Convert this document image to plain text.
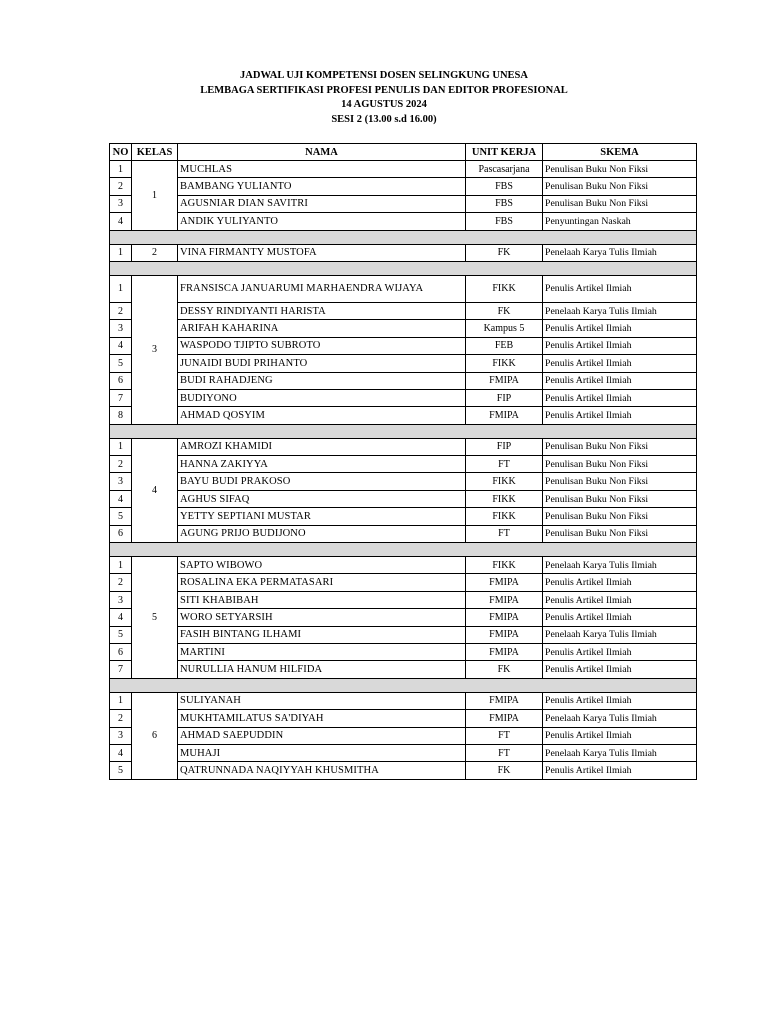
JADWAL UJI KOMPETENSI DOSEN SELINGKUNG UNESA
LEMBAGA SERTIFIKASI PROFESI PENULIS DAN EDITOR PROFESIONAL
14 AGUSTUS 2024
SESI 2 (13.00 s.d 16.00)
NO	KELAS	NAMA	UNIT KERJA	SKEMA
1	1	MUCHLAS	Pascasarjana	Penulisan Buku Non Fiksi
2		BAMBANG YULIANTO	FBS	Penulisan Buku Non Fiksi
3		AGUSNIAR DIAN SAVITRI	FBS	Penulisan Buku Non Fiksi
4		ANDIK YULIYANTO	FBS	Penyuntingan Naskah

1	2	VINA FIRMANTY MUSTOFA	FK	Penelaah Karya Tulis Ilmiah

1	3	FRANSISCA JANUARUMI MARHAENDRA WIJAYA	FIKK	Penulis Artikel Ilmiah
2		DESSY RINDIYANTI HARISTA	FK	Penelaah Karya Tulis Ilmiah
3		ARIFAH KAHARINA	Kampus 5	Penulis Artikel Ilmiah
4		WASPODO TJIPTO SUBROTO	FEB	Penulis Artikel Ilmiah
5		JUNAIDI BUDI PRIHANTO	FIKK	Penulis Artikel Ilmiah
6		BUDI RAHADJENG	FMIPA	Penulis Artikel Ilmiah
7		BUDIYONO	FIP	Penulis Artikel Ilmiah
8		AHMAD QOSYIM	FMIPA	Penulis Artikel Ilmiah

1	4	AMROZI KHAMIDI	FIP	Penulisan Buku Non Fiksi
2		HANNA ZAKIYYA	FT	Penulisan Buku Non Fiksi
3		BAYU BUDI PRAKOSO	FIKK	Penulisan Buku Non Fiksi
4		AGHUS SIFAQ	FIKK	Penulisan Buku Non Fiksi
5		YETTY SEPTIANI MUSTAR	FIKK	Penulisan Buku Non Fiksi
6		AGUNG PRIJO BUDIJONO	FT	Penulisan Buku Non Fiksi

1	5	SAPTO WIBOWO	FIKK	Penelaah Karya Tulis Ilmiah
2		ROSALINA EKA PERMATASARI	FMIPA	Penulis Artikel Ilmiah
3		SITI KHABIBAH	FMIPA	Penulis Artikel Ilmiah
4		WORO SETYARSIH	FMIPA	Penulis Artikel Ilmiah
5		FASIH BINTANG ILHAMI	FMIPA	Penelaah Karya Tulis Ilmiah
6		MARTINI	FMIPA	Penulis Artikel Ilmiah
7		NURULLIA HANUM HILFIDA	FK	Penulis Artikel Ilmiah

1	6	SULIYANAH	FMIPA	Penulis Artikel Ilmiah
2		MUKHTAMILATUS SA'DIYAH	FMIPA	Penelaah Karya Tulis Ilmiah
3		AHMAD SAEPUDDIN	FT	Penulis Artikel Ilmiah
4		MUHAJI	FT	Penelaah Karya Tulis Ilmiah
5		QATRUNNADA NAQIYYAH KHUSMITHA	FK	Penulis Artikel Ilmiah
